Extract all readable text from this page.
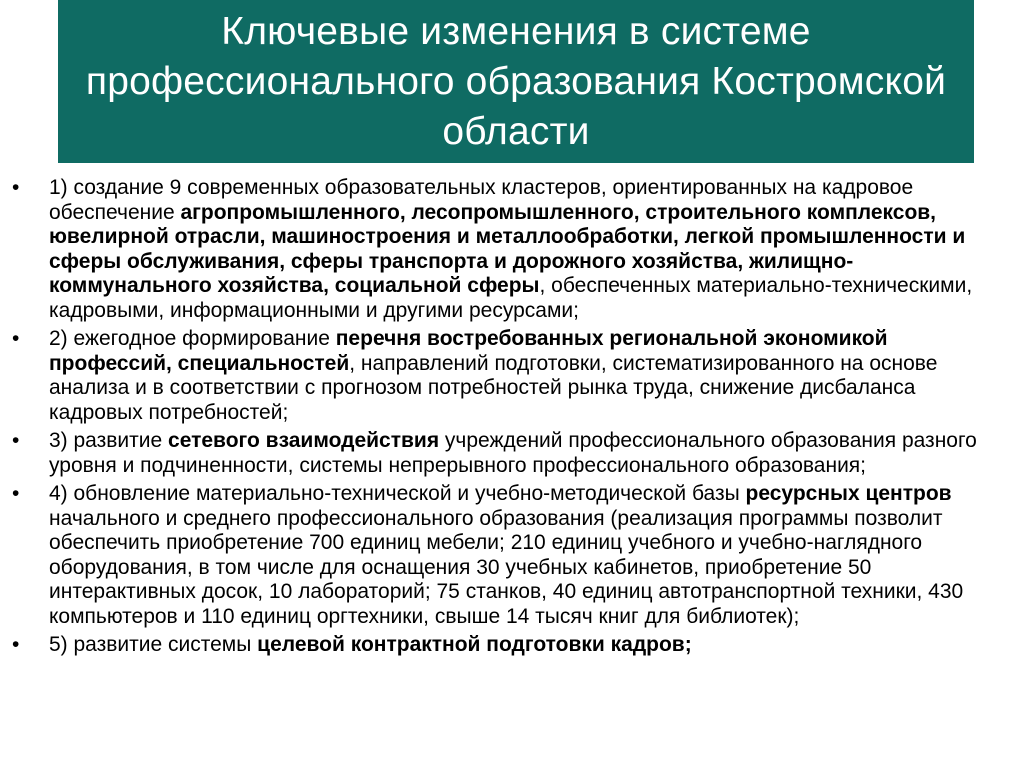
Ключевые изменения в системе профессионального образования Костромской области
•	1) создание 9 современных образовательных кластеров, ориентированных на кадровое обеспечение агропромышленного, лесопромышленного, строительного комплексов, ювелирной отрасли, машиностроения и металлообработки, легкой промышленности и сферы обслуживания, сферы транспорта и дорожного хозяйства, жилищно-коммунального хозяйства, социальной сферы, обеспеченных материально-техническими, кадровыми, информационными и другими ресурсами;
•	2) ежегодное формирование перечня востребованных региональной экономикой профессий, специальностей, направлений подготовки, систематизированного на основе анализа и в соответствии с прогнозом потребностей рынка труда, снижение дисбаланса кадровых потребностей;
•	3) развитие сетевого взаимодействия учреждений профессионального образования разного уровня и подчиненности, системы непрерывного профессионального образования;
•	4) обновление материально-технической и учебно-методической базы ресурсных центров начального и среднего профессионального образования (реализация программы позволит обеспечить приобретение 700 единиц мебели; 210 единиц учебного и учебно-наглядного оборудования, в том числе для оснащения 30 учебных кабинетов, приобретение 50 интерактивных досок, 10 лабораторий; 75 станков, 40 единиц автотранспортной техники, 430 компьютеров и 110 единиц оргтехники, свыше 14 тысяч книг для библиотек);
•	5) развитие системы целевой контрактной подготовки кадров;
